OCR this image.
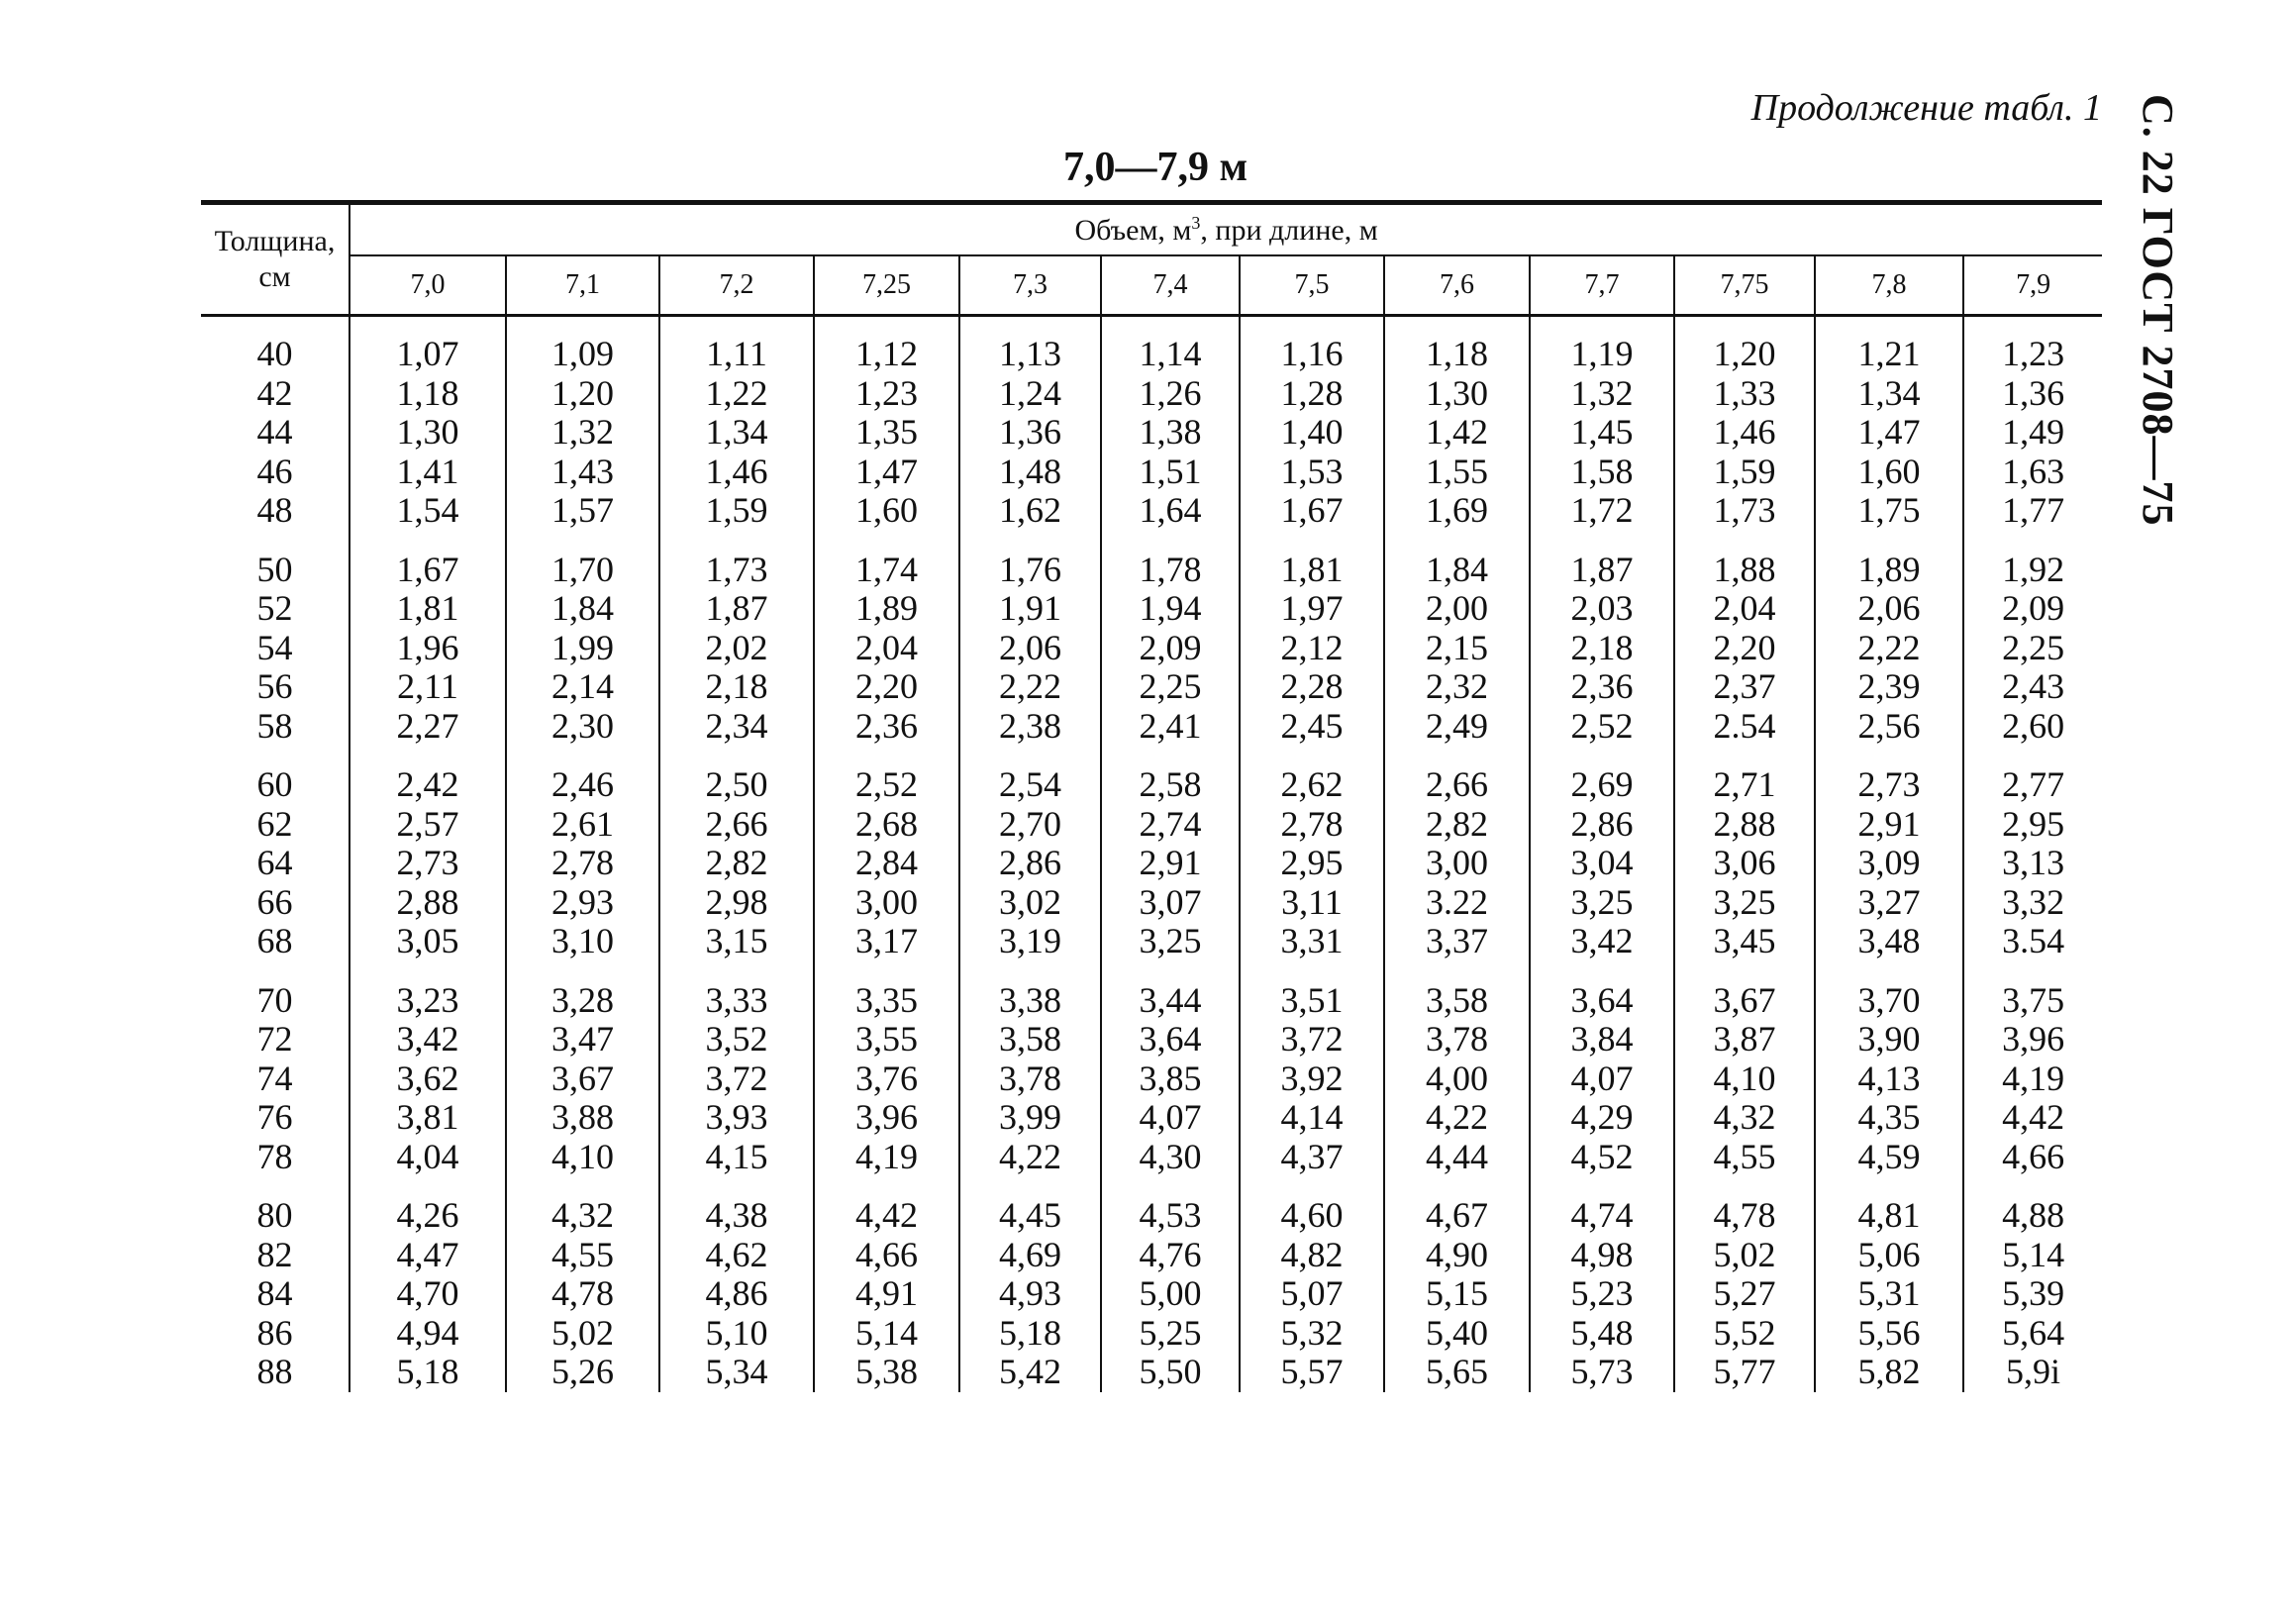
Продолжение табл. 1 С. 22 ГОСТ 2708—75
7,0—7,9 м
Толщина,
см	Объем, $м^3$, при длине, м											
	7,0	7,1	7,2	7,25	7,3	7,4	7,5	7,6	7,7	7,75	7,8	7,9

40	1,07	1,09	1,11	1,12	1,13	1,14	1,16	1,18	1,19	1,20	1,21	1,23
42	1,18	1,20	1,22	1,23	1,24	1,26	1,28	1,30	1,32	1,33	1,34	1,36
44	1,30	1,32	1,34	1,35	1,36	1,38	1,40	1,42	1,45	1,46	1,47	1,49
46	1,41	1,43	1,46	1,47	1,48	1,51	1,53	1,55	1,58	1,59	1,60	1,63
48	1,54	1,57	1,59	1,60	1,62	1,64	1,67	1,69	1,72	1,73	1,75	1,77

50	1,67	1,70	1,73	1,74	1,76	1,78	1,81	1,84	1,87	1,88	1,89	1,92
52	1,81	1,84	1,87	1,89	1,91	1,94	1,97	2,00	2,03	2,04	2,06	2,09
54	1,96	1,99	2,02	2,04	2,06	2,09	2,12	2,15	2,18	2,20	2,22	2,25
56	2,11	2,14	2,18	2,20	2,22	2,25	2,28	2,32	2,36	2,37	2,39	2,43
58	2,27	2,30	2,34	2,36	2,38	2,41	2,45	2,49	2,52	2.54	2,56	2,60

60	2,42	2,46	2,50	2,52	2,54	2,58	2,62	2,66	2,69	2,71	2,73	2,77
62	2,57	2,61	2,66	2,68	2,70	2,74	2,78	2,82	2,86	2,88	2,91	2,95
64	2,73	2,78	2,82	2,84	2,86	2,91	2,95	3,00	3,04	3,06	3,09	3,13
66	2,88	2,93	2,98	3,00	3,02	3,07	3,11	3.22	3,25	3,25	3,27	3,32
68	3,05	3,10	3,15	3,17	3,19	3,25	3,31	3,37	3,42	3,45	3,48	3.54

70	3,23	3,28	3,33	3,35	3,38	3,44	3,51	3,58	3,64	3,67	3,70	3,75
72	3,42	3,47	3,52	3,55	3,58	3,64	3,72	3,78	3,84	3,87	3,90	3,96
74	3,62	3,67	3,72	3,76	3,78	3,85	3,92	4,00	4,07	4,10	4,13	4,19
76	3,81	3,88	3,93	3,96	3,99	4,07	4,14	4,22	4,29	4,32	4,35	4,42
78	4,04	4,10	4,15	4,19	4,22	4,30	4,37	4,44	4,52	4,55	4,59	4,66

80	4,26	4,32	4,38	4,42	4,45	4,53	4,60	4,67	4,74	4,78	4,81	4,88
82	4,47	4,55	4,62	4,66	4,69	4,76	4,82	4,90	4,98	5,02	5,06	5,14
84	4,70	4,78	4,86	4,91	4,93	5,00	5,07	5,15	5,23	5,27	5,31	5,39
86	4,94	5,02	5,10	5,14	5,18	5,25	5,32	5,40	5,48	5,52	5,56	5,64
88	5,18	5,26	5,34	5,38	5,42	5,50	5,57	5,65	5,73	5,77	5,82	5,9i
